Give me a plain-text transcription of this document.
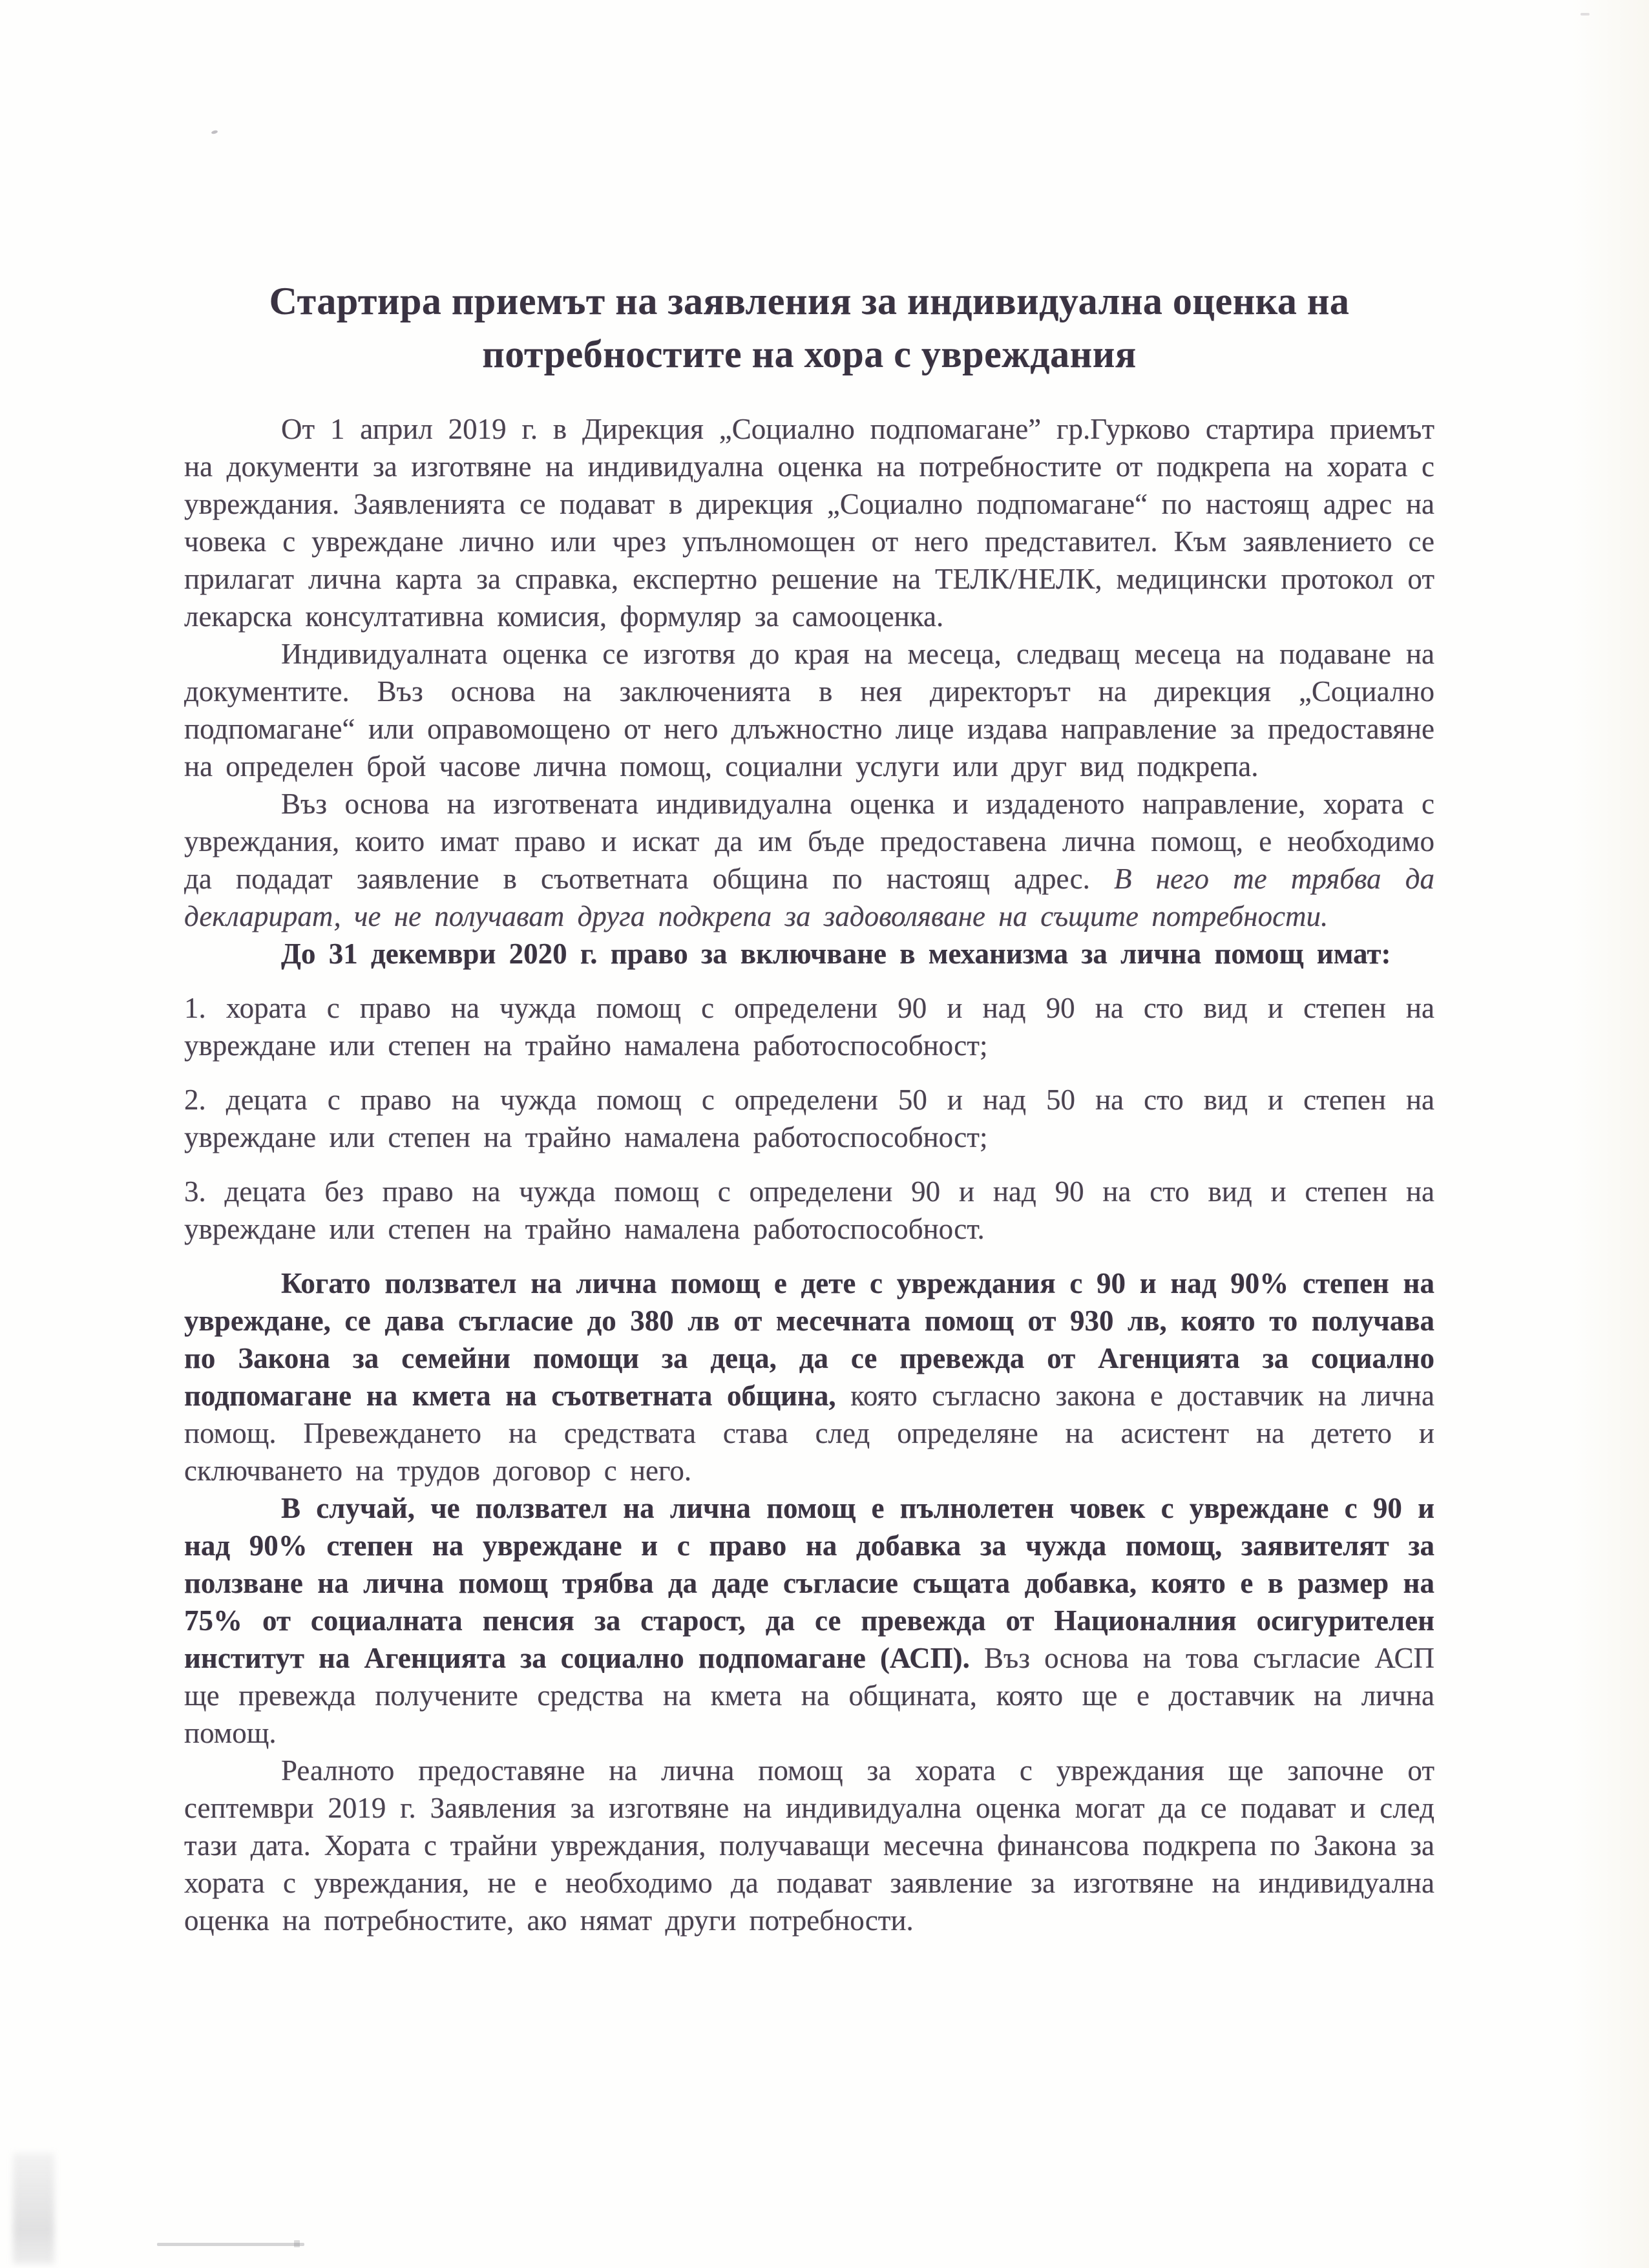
Стартира приемът на заявления за индивидуална оценка на
потребностите на хора с увреждания

От 1 април 2019 г. в Дирекция „Социално подпомагане” гр.Гурково стартира приемът на документи за изготвяне на индивидуална оценка на потребностите от подкрепа на хората с увреждания. Заявленията се подават в дирекция „Социално подпомагане“ по настоящ адрес на човека с увреждане лично или чрез упълномощен от него представител. Към заявлението се прилагат лична карта за справка, експертно решение на ТЕЛК/НЕЛК, медицински протокол от лекарска консултативна комисия, формуляр за самооценка.

Индивидуалната оценка се изготвя до края на месеца, следващ месеца на подаване на документите. Въз основа на заключенията в нея директорът на дирекция „Социално подпомагане“ или оправомощено от него длъжностно лице издава направление за предоставяне на определен брой часове лична помощ, социални услуги или друг вид подкрепа.

Въз основа на изготвената индивидуална оценка и издаденото направление, хората с увреждания, които имат право и искат да им бъде предоставена лична помощ, е необходимо да подадат заявление в съответната община по настоящ адрес. В него те трябва да декларират, че не получават друга подкрепа за задоволяване на същите потребности.

До 31 декември 2020 г. право за включване в механизма за лична помощ имат:

1. хората с право на чужда помощ с определени 90 и над 90 на сто вид и степен на увреждане или степен на трайно намалена работоспособност;

2. децата с право на чужда помощ с определени 50 и над 50 на сто вид и степен на увреждане или степен на трайно намалена работоспособност;

3. децата без право на чужда помощ с определени 90 и над 90 на сто вид и степен на увреждане или степен на трайно намалена работоспособност.

Когато ползвател на лична помощ е дете с увреждания с 90 и над 90% степен на увреждане, се дава съгласие до 380 лв от месечната помощ от 930 лв, която то получава по Закона за семейни помощи за деца, да се превежда от Агенцията за социално подпомагане на кмета на съответната община, която съгласно закона е доставчик на лична помощ. Превеждането на средствата става след определяне на асистент на детето и сключването на трудов договор с него.

В случай, че ползвател на лична помощ е пълнолетен човек с увреждане с 90 и над 90% степен на увреждане и с право на добавка за чужда помощ, заявителят за ползване на лична помощ трябва да даде съгласие същата добавка, която е в размер на 75% от социалната пенсия за старост, да се превежда от Националния осигурителен институт на Агенцията за социално подпомагане (АСП). Въз основа на това съгласие АСП ще превежда получените средства на кмета на общината, която ще е доставчик на лична помощ.

Реалното предоставяне на лична помощ за хората с увреждания ще започне от септември 2019 г. Заявления за изготвяне на индивидуална оценка могат да се подават и след тази дата. Хората с трайни увреждания, получаващи месечна финансова подкрепа по Закона за хората с увреждания, не е необходимо да подават заявление за изготвяне на индивидуална оценка на потребностите, ако нямат други потребности.
